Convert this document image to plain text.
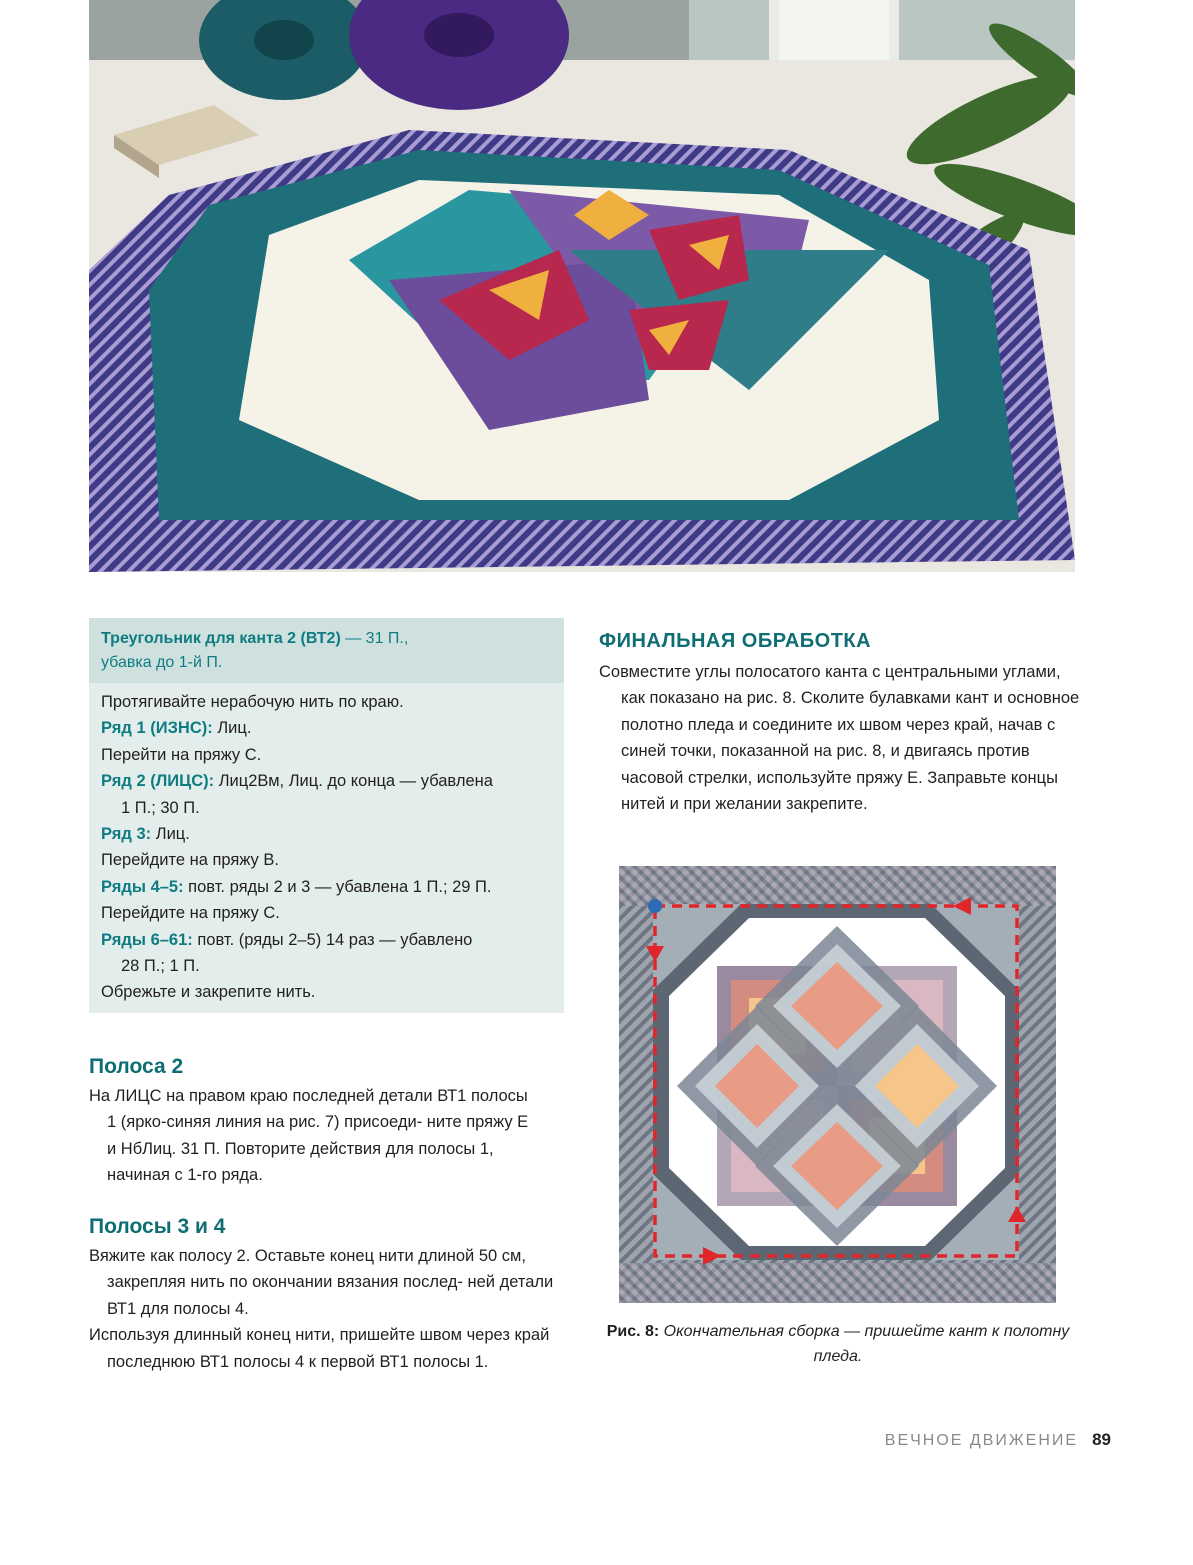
Треугольник для канта 2 (ВТ2) — 31 П.,
убавка до 1-й П.

Протягивайте нерабочую нить по краю.

Ряд 1 (ИЗНС): Лиц.

Перейти на пряжу С.

Ряд 2 (ЛИЦС): Лиц2Вм, Лиц. до конца — убавлена

1 П.; 30 П.

Ряд 3: Лиц.

Перейдите на пряжу В.

Ряды 4–5: повт. ряды 2 и 3 — убавлена 1 П.; 29 П.

Перейдите на пряжу С.

Ряды 6–61: повт. (ряды 2–5) 14 раз — убавлено

28 П.; 1 П.

Обрежьте и закрепите нить.

Полоса 2

На ЛИЦС на правом краю последней детали ВТ1 полосы 1 (ярко-синяя линия на рис. 7) присоеди- ните пряжу Е и НбЛиц. 31 П. Повторите действия для полосы 1, начиная с 1-го ряда.

Полосы 3 и 4

Вяжите как полосу 2. Оставьте конец нити длиной 50 см, закрепляя нить по окончании вязания послед- ней детали ВТ1 для полосы 4.

Используя длинный конец нити, пришейте швом через край последнюю ВТ1 полосы 4 к первой ВТ1 полосы 1.

ФИНАЛЬНАЯ ОБРАБОТКА

Совместите углы полосатого канта с центральными углами, как показано на рис. 8. Сколите булавками кант и основное полотно пледа и соедините их швом через край, начав с синей точки, показанной на рис. 8, и двигаясь против часовой стрелки, используйте пряжу Е. Заправьте концы нитей и при желании закрепите.

Рис. 8: Окончательная сборка — пришейте кант к полотну пледа.
ВЕЧНОЕ ДВИЖЕНИЕ 89
